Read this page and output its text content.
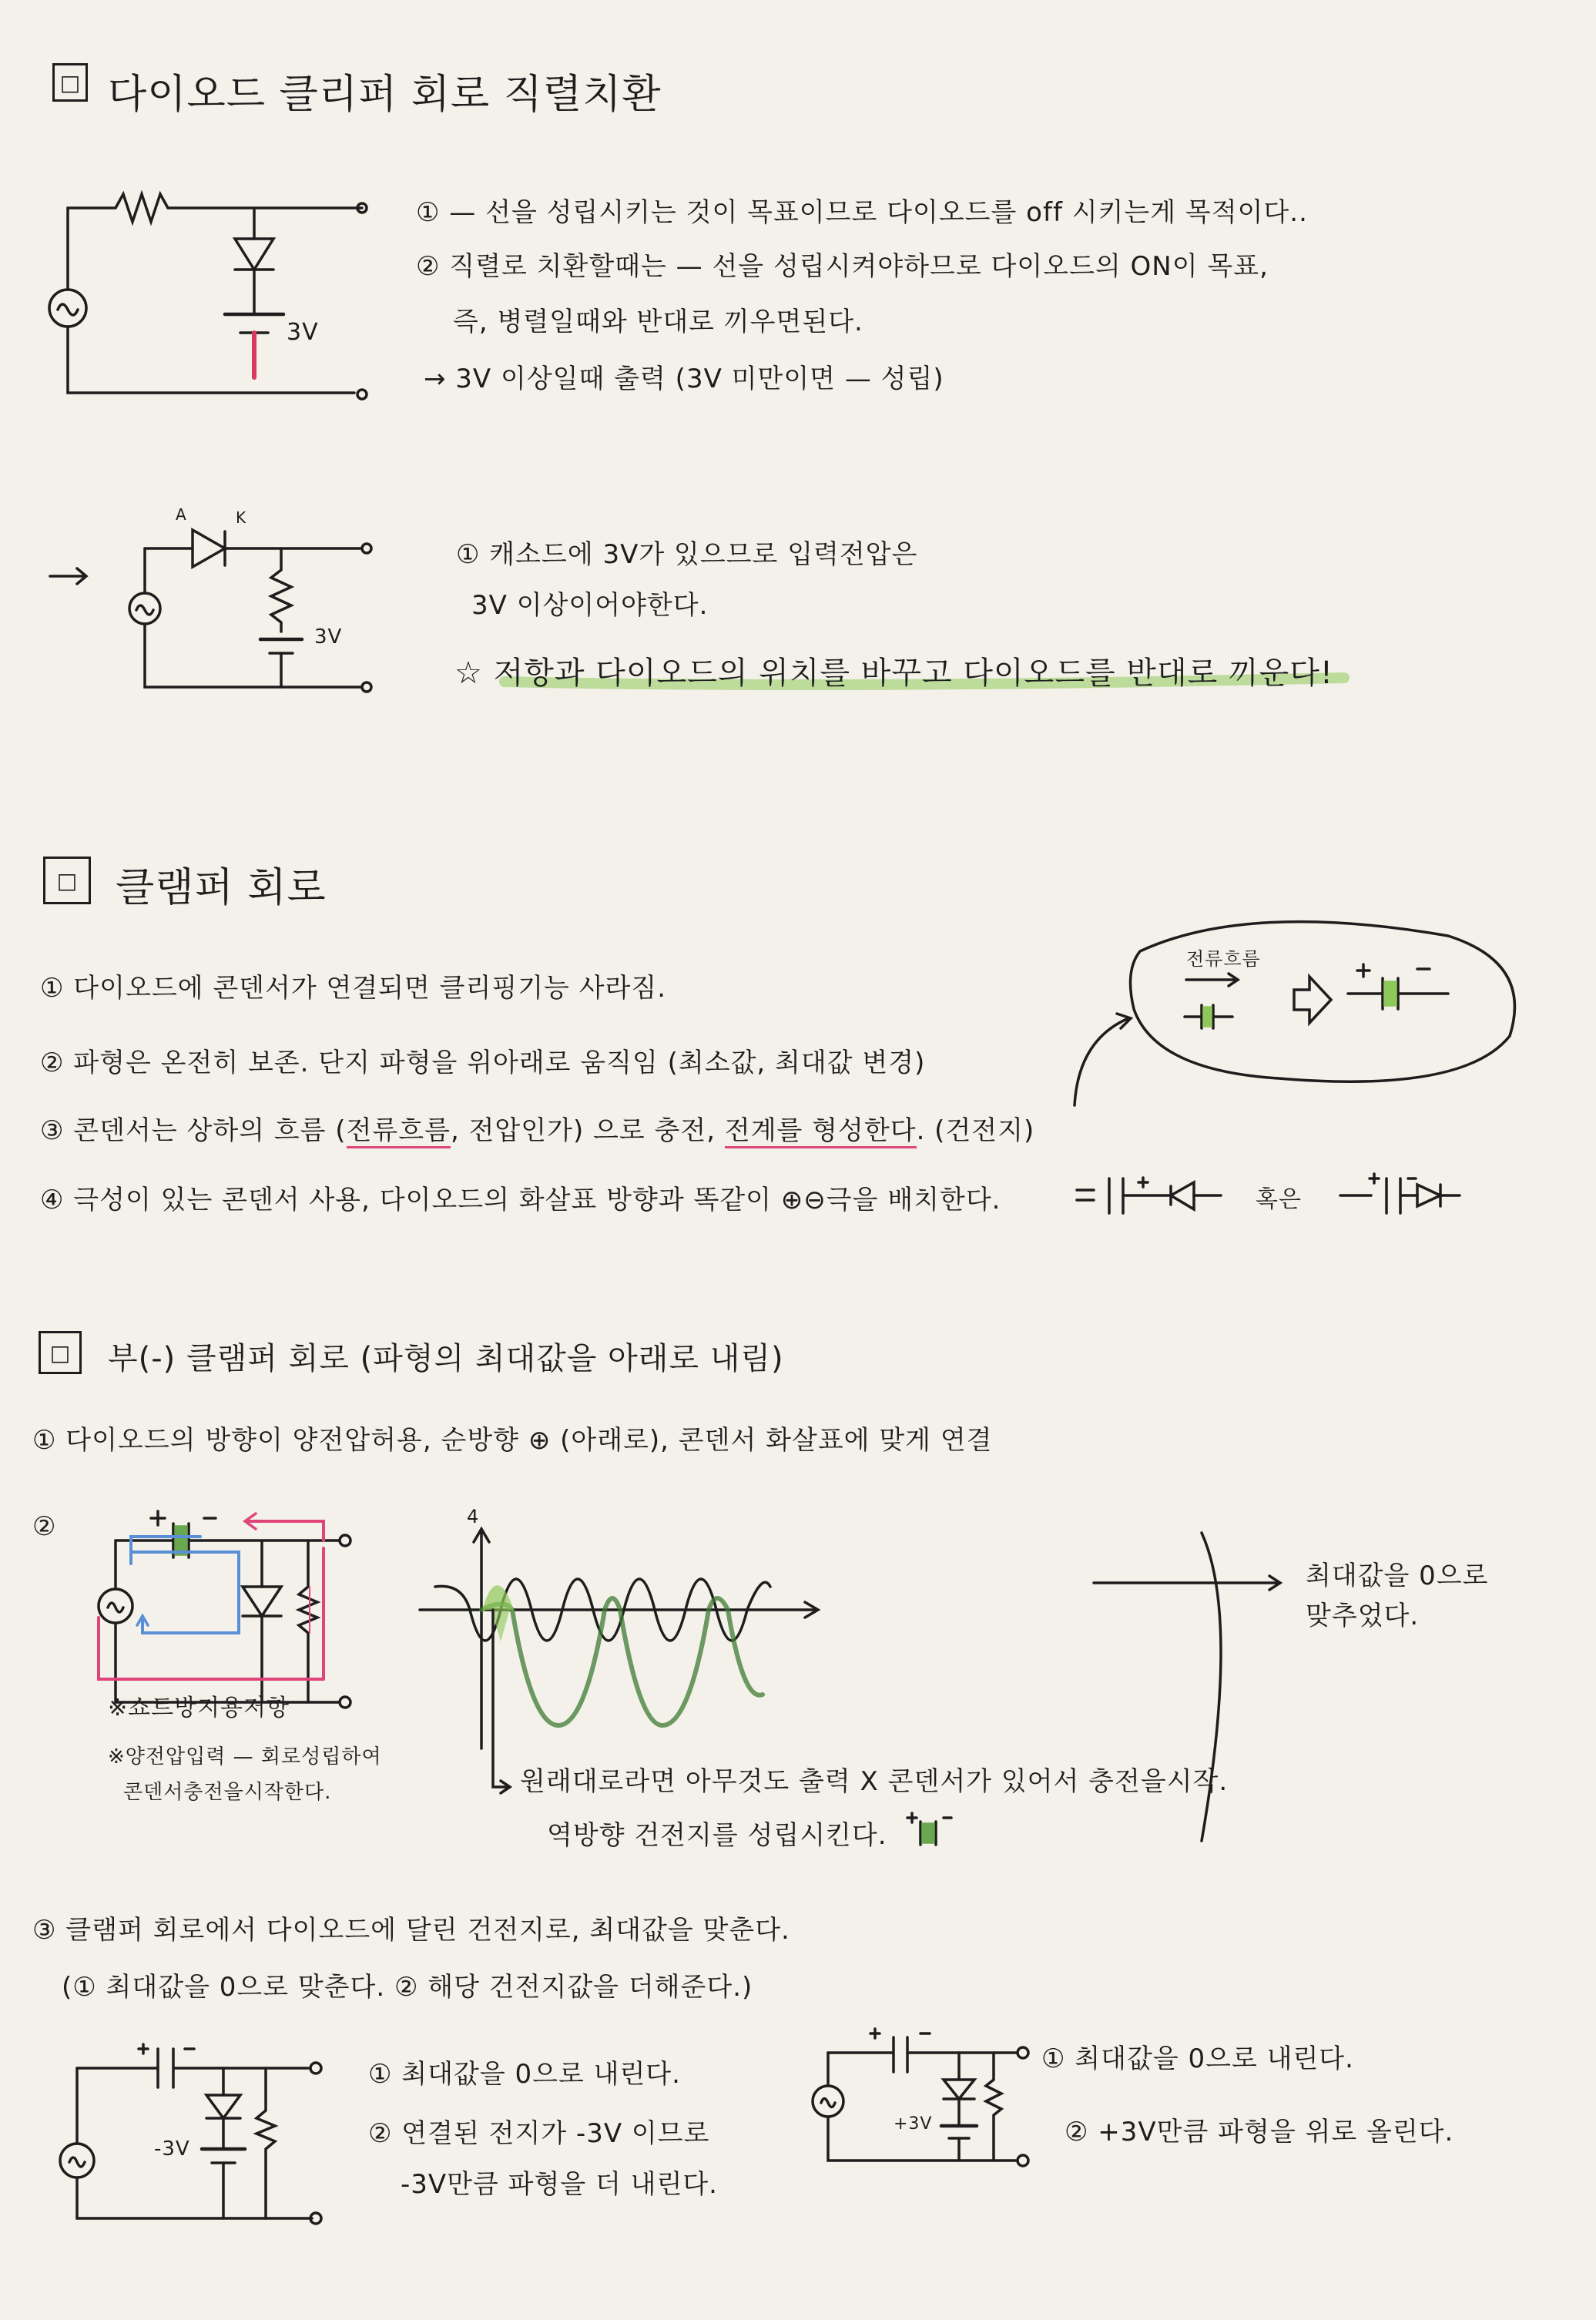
□ 다이오드 클리퍼 회로 직렬치환
① — 선을 성립시키는 것이 목표이므로 다이오드를 off 시키는게 목적이다..
② 직렬로 치환할때는 — 선을 성립시켜야하므로 다이오드의 ON이 목표,
즉, 병렬일때와 반대로 끼우면된다.
→ 3V 이상일때 출력 (3V 미만이면 — 성립)
3V
A	K
3V
① 캐소드에 3V가 있으므로 입력전압은
3V 이상이어야한다.
☆ 저항과 다이오드의 위치를 바꾸고 다이오드를 반대로 끼운다!
□ 클램퍼 회로
① 다이오드에 콘덴서가 연결되면 클리핑기능 사라짐.
② 파형은 온전히 보존. 단지 파형을 위아래로 움직임 (최소값, 최대값 변경)
③ 콘덴서는 상하의 흐름 (전류흐름, 전압인가) 으로 충전, 전계를 형성한다. (건전지)
④ 극성이 있는 콘덴서 사용, 다이오드의 화살표 방향과 똑같이 ⊕⊖극을 배치한다.
전류흐름
혹은
□ 부(-) 클램퍼 회로 (파형의 최대값을 아래로 내림)
① 다이오드의 방향이 양전압허용, 순방향 ⊕ (아래로), 콘덴서 화살표에 맞게 연결
②
※쇼트방지용저항
※양전압입력 — 회로성립하여
콘덴서충전을시작한다.
4
최대값을 0으로
맞추었다.
원래대로라면 아무것도 출력 X 콘덴서가 있어서 충전을시작.
역방향 건전지를 성립시킨다.
③ 클램퍼 회로에서 다이오드에 달린 건전지로, 최대값을 맞춘다.
(① 최대값을 0으로 맞춘다. ② 해당 건전지값을 더해준다.)
-3V
① 최대값을 0으로 내린다.
② 연결된 전지가 -3V 이므로
-3V만큼 파형을 더 내린다.
+3V
① 최대값을 0으로 내린다.
② +3V만큼 파형을 위로 올린다.
